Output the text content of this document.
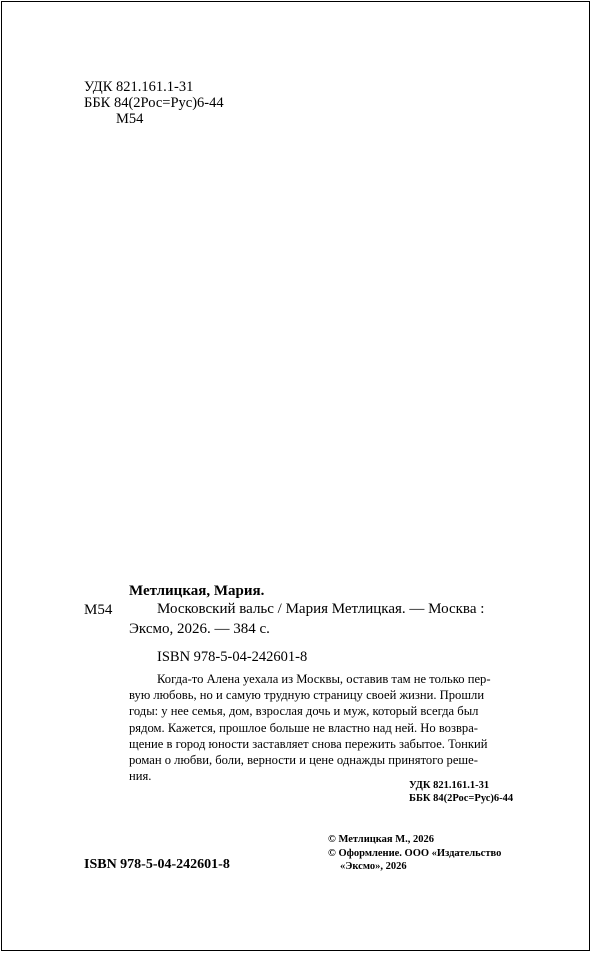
УДК 821.161.1-31
ББК 84(2Рос=Рус)6-44
М54
Метлицкая, Мария.
М54	Московский вальс / Мария Метлицкая. — Москва :
Эксмо, 2026. — 384 с.
ISBN 978-5-04-242601-8
Когда-то Алена уехала из Москвы, оставив там не только пер-
вую любовь, но и самую трудную страницу своей жизни. Прошли
годы: у нее семья, дом, взрослая дочь и муж, который всегда был
рядом. Кажется, прошлое больше не властно над ней. Но возвра-
щение в город юности заставляет снова пережить забытое. Тонкий
роман о любви, боли, верности и цене однажды принятого реше-
ния.
УДК 821.161.1-31
ББК 84(2Рос=Рус)6-44
ISBN 978-5-04-242601-8
© Метлицкая М., 2026
© Оформление. ООО «Издательство
«Эксмо», 2026
